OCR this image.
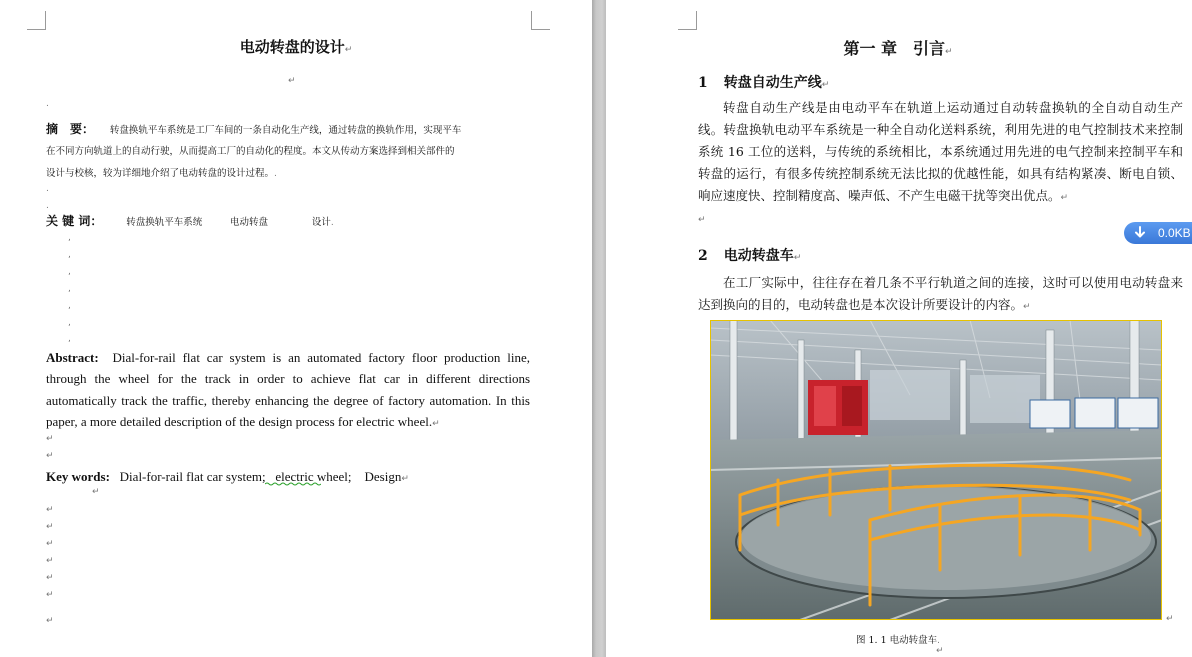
电动转盘的设计↵
↵
.
摘　要： 转盘换轨平车系统是工厂车间的一条自动化生产线，通过转盘的换轨作用，实现平车
在不同方向轨道上的自动行驶，从而提高工厂的自动化的程度。本文从传动方案选择到相关部件的
设计与校核，较为详细地介绍了电动转盘的设计过程。.
.
.
关 键 词：	转盘换轨平车系统	电动转盘	设计.
,
,
,
,
,
,
,
Abstract: Dial-for-rail flat car system is an automated factory floor production line,
through the wheel for the track in order to achieve flat car in different directions
automatically track the traffic, thereby enhancing the degree of factory automation. In this
paper, a more detailed description of the design process for electric wheel.↵
↵
↵
Key words: Dial-for-rail flat car system;   electric wheel;    Design↵
↵
↵
↵
↵
↵
↵
↵
↵
第一 章　引言↵
1 转盘自动生产线↵
转盘自动生产线是由电动平车在轨道上运动通过自动转盘换轨的全自动自动生产
线。转盘换轨电动平车系统是一种全自动化送料系统，利用先进的电气控制技术来控制
系统 16 工位的送料，与传统的系统相比，本系统通过用先进的电气控制来控制平车和
转盘的运行，有很多传统控制系统无法比拟的优越性能，如具有结构紧凑、断电自锁、
响应速度快、控制精度高、噪声低、不产生电磁干扰等突出优点。↵
↵
2 电动转盘车↵
在工厂实际中，往往存在着几条不平行轨道之间的连接，这时可以使用电动转盘来
达到换向的目的，电动转盘也是本次设计所要设计的内容。↵
↵
图 1. 1 电动转盘车.
↵
0.0KB
